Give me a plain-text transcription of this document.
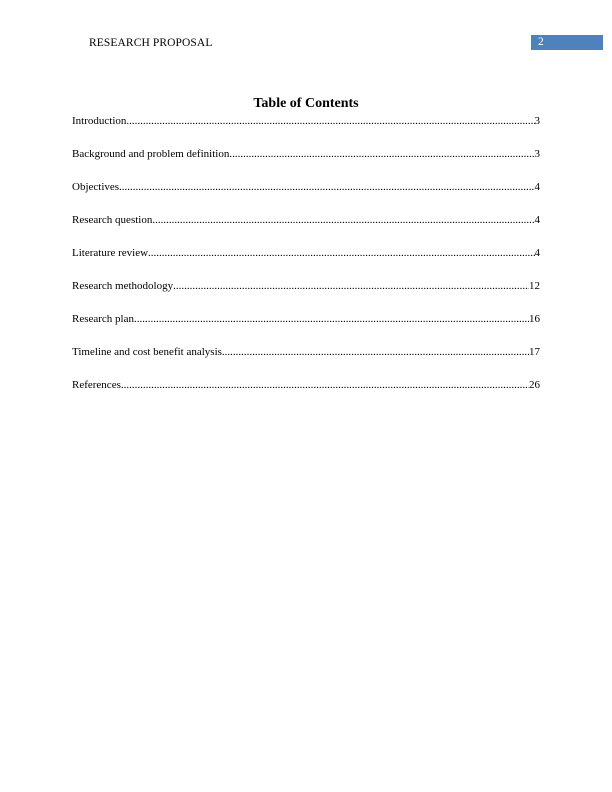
RESEARCH PROPOSAL	2
Table of Contents
Introduction .....	3
Background and problem definition .....	3
Objectives .....	4
Research question .....	4
Literature review .....	4
Research methodology .....	12
Research plan .....	16
Timeline and cost benefit analysis .....	17
References .....	26
